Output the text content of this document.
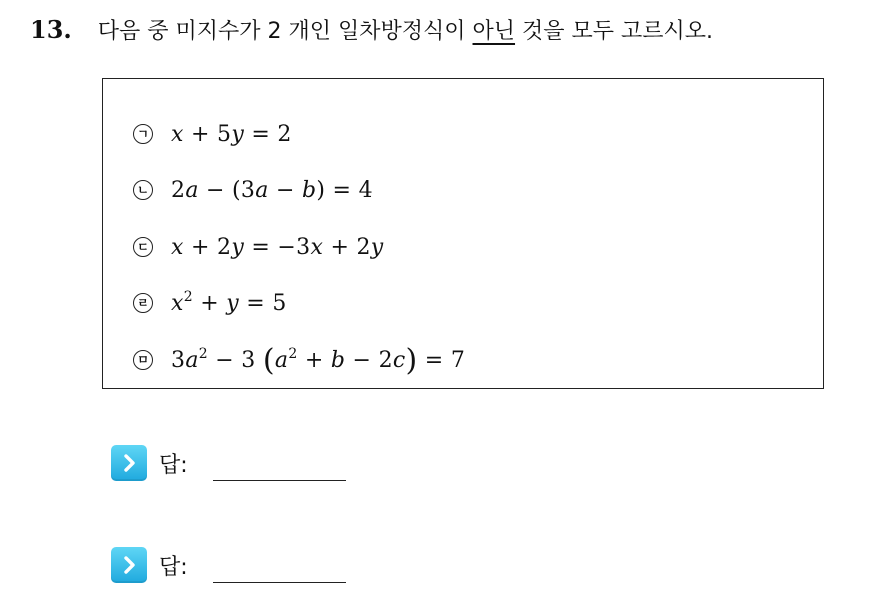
13. 다음 중 미지수가 2 개인 일차방정식이 아닌 것을 모두 고르시오.
ㄱ x + 5y = 2
ㄴ 2a − (3a − b) = 4
ㄷ x + 2y = −3x + 2y
ㄹ $x^2 + y = 5$
ㅁ $3a^2 - 3$ $(a^2 + b - 2c) = 7$
답:
답:
